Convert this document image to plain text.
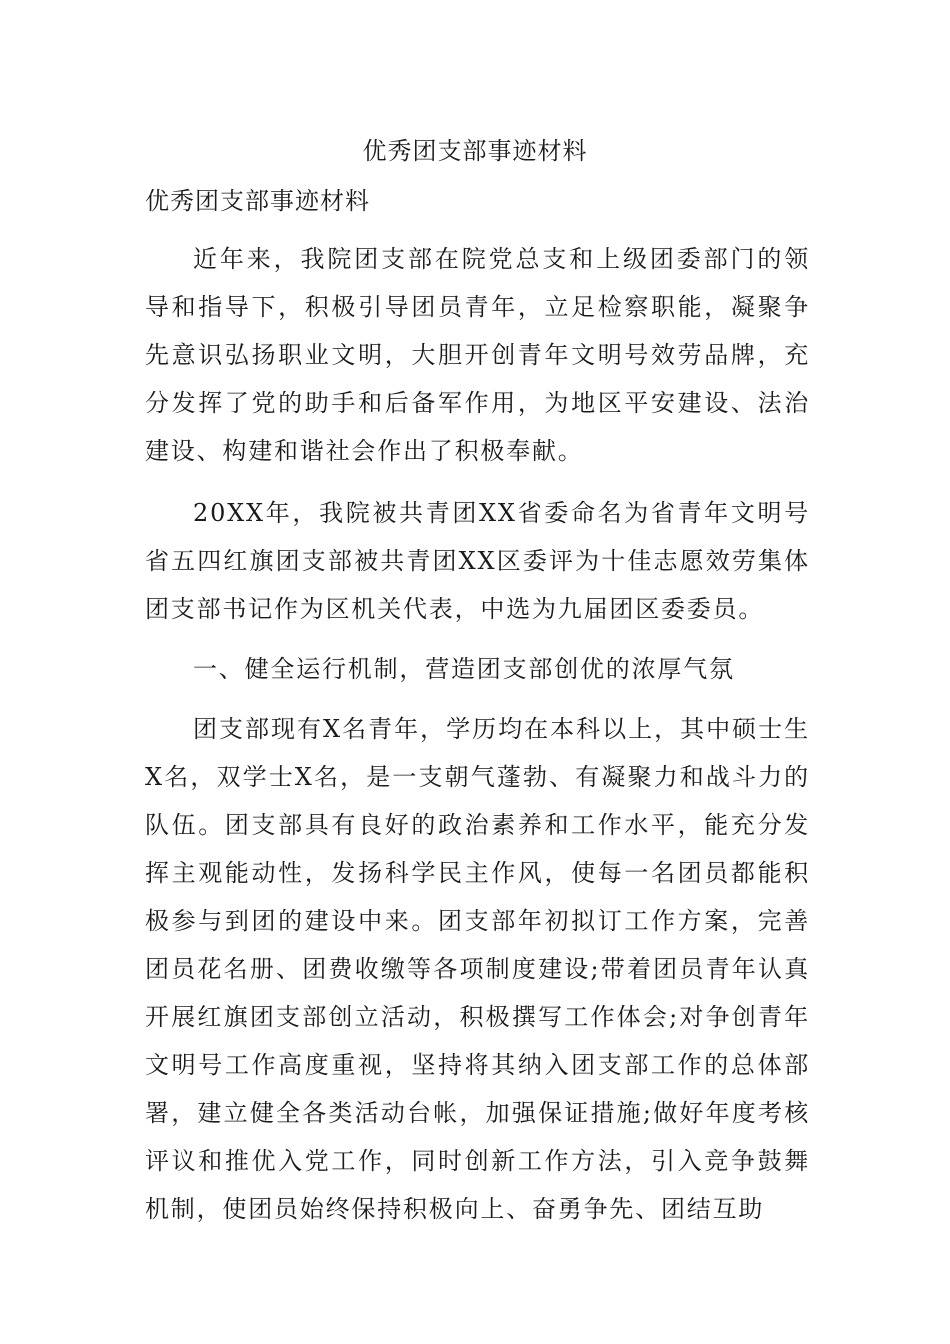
优秀团支部事迹材料
优秀团支部事迹材料

近年来，我院团支部在院党总支和上级团委部门的领导和指导下，积极引导团员青年，立足检察职能，凝聚争先意识弘扬职业文明，大胆开创青年文明号效劳品牌，充分发挥了党的助手和后备军作用，为地区平安建设、法治建设、构建和谐社会作出了积极奉献。

20XX年，我院被共青团XX省委命名为省青年文明号省五四红旗团支部被共青团XX区委评为十佳志愿效劳集体团支部书记作为区机关代表，中选为九届团区委委员。

一、健全运行机制，营造团支部创优的浓厚气氛

团支部现有X名青年，学历均在本科以上，其中硕士生X名，双学士X名，是一支朝气蓬勃、有凝聚力和战斗力的队伍。团支部具有良好的政治素养和工作水平，能充分发挥主观能动性，发扬科学民主作风，使每一名团员都能积极参与到团的建设中来。团支部年初拟订工作方案，完善团员花名册、团费收缴等各项制度建设;带着团员青年认真开展红旗团支部创立活动，积极撰写工作体会;对争创青年文明号工作高度重视，坚持将其纳入团支部工作的总体部署，建立健全各类活动台帐，加强保证措施;做好年度考核评议和推优入党工作，同时创新工作方法，引入竞争鼓舞机制，使团员始终保持积极向上、奋勇争先、团结互助
